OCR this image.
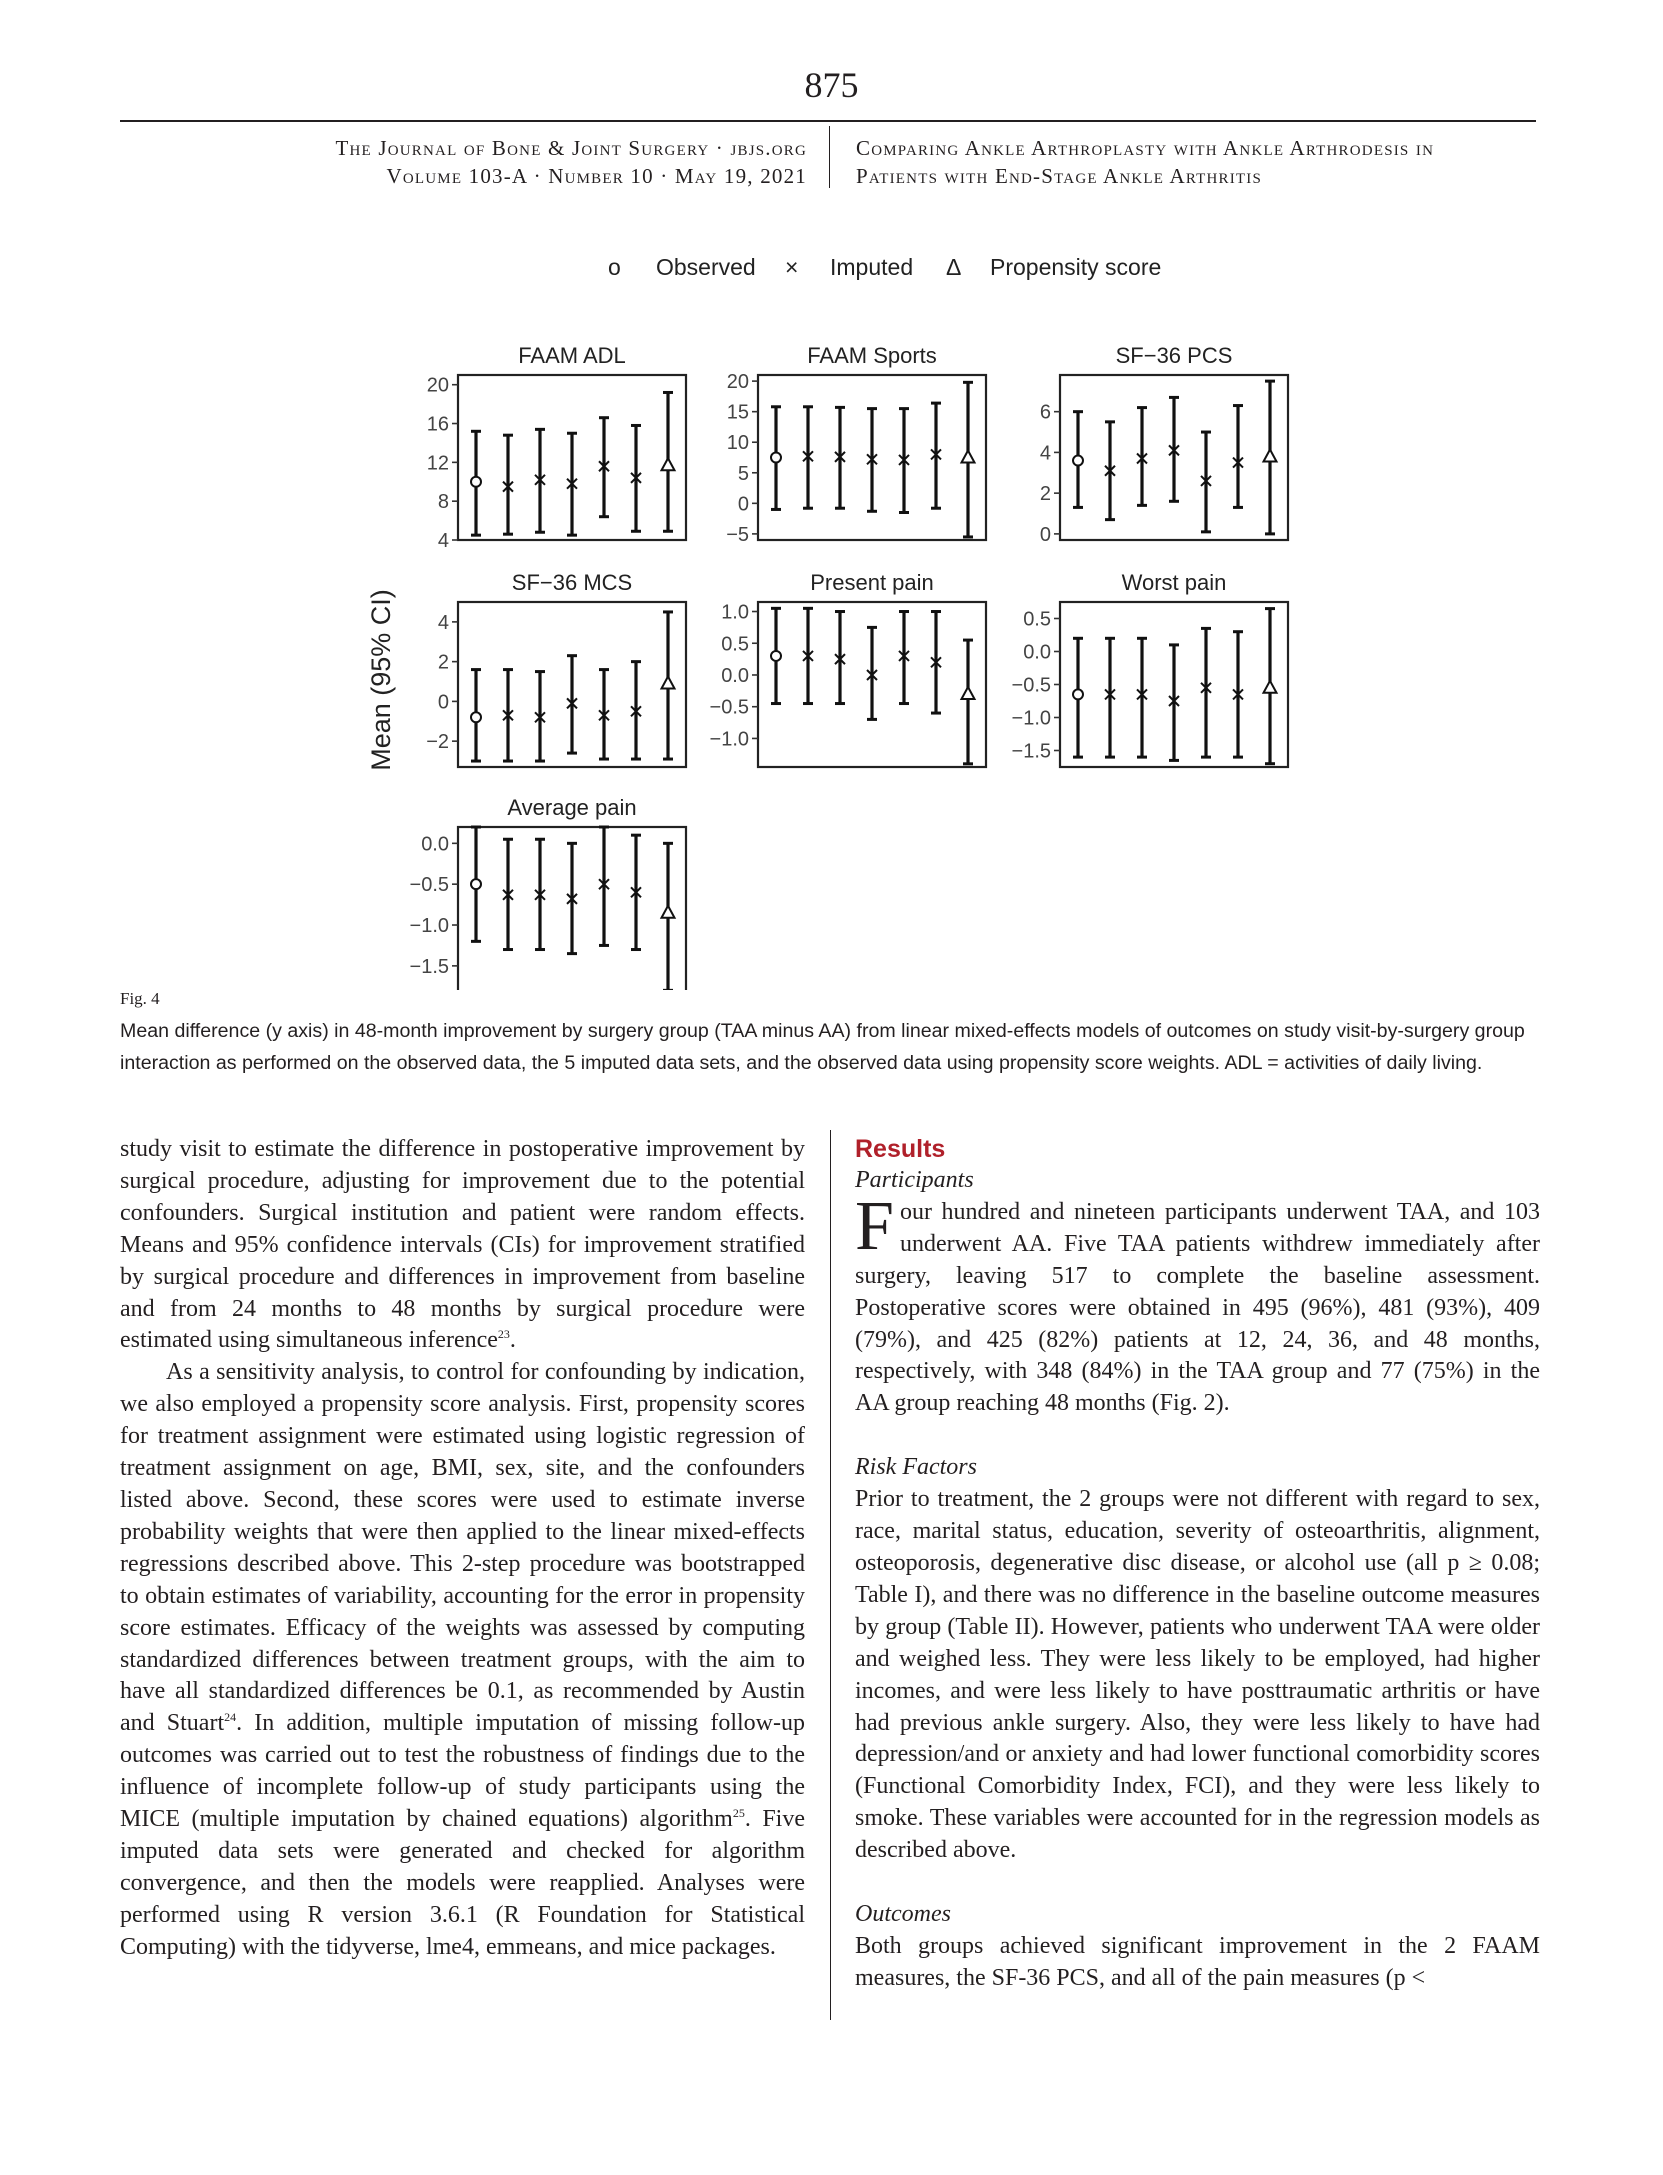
875
The Journal of Bone & Joint Surgery · jbjs.org
Volume 103-A · Number 10 · May 19, 2021
Comparing Ankle Arthroplasty with Ankle Arthrodesis in
Patients with End-Stage Ankle Arthritis
o Observed × Imputed Δ Propensity score
Mean (95% CI)
FAAM ADL
4
8
12
16
20
FAAM Sports
−5
0
5
10
15
20
SF−36 PCS
0
2
4
6
SF−36 MCS
−2
0
2
4
Present pain
−1.0
−0.5
0.0
0.5
1.0
Worst pain
−1.5
−1.0
−0.5
0.0
0.5
Average pain
−1.5
−1.0
−0.5
0.0
Fig. 4
Mean difference (y axis) in 48-month improvement by surgery group (TAA minus AA) from linear mixed-effects models of outcomes on study visit-by-surgery group interaction as performed on the observed data, the 5 imputed data sets, and the observed data using propensity score weights. ADL = activities of daily living.

study visit to estimate the difference in postoperative improvement by surgical procedure, adjusting for improvement due to the potential confounders. Surgical institution and patient were random effects. Means and 95% confidence intervals (CIs) for improvement stratified by surgical procedure and differences in improvement from baseline and from 24 months to 48 months by surgical procedure were estimated using simultaneous inference$^{23}$.

As a sensitivity analysis, to control for confounding by indication, we also employed a propensity score analysis. First, propensity scores for treatment assignment were estimated using logistic regression of treatment assignment on age, BMI, sex, site, and the confounders listed above. Second, these scores were used to estimate inverse probability weights that were then applied to the linear mixed-effects regressions described above. This 2-step procedure was bootstrapped to obtain estimates of variability, accounting for the error in propensity score estimates. Efficacy of the weights was assessed by computing standardized differences between treatment groups, with the aim to have all standardized differences be 0.1, as recommended by Austin and Stuart$^{24}$. In addition, multiple imputation of missing follow-up outcomes was carried out to test the robustness of findings due to the influence of incomplete follow-up of study participants using the MICE (multiple imputation by chained equations) algorithm$^{25}$. Five imputed data sets were generated and checked for algorithm convergence, and then the models were reapplied. Analyses were performed using R version 3.6.1 (R Foundation for Statistical Computing) with the tidyverse, lme4, emmeans, and mice packages.

Results
Participants

Four hundred and nineteen participants underwent TAA, and 103 underwent AA. Five TAA patients withdrew immediately after surgery, leaving 517 to complete the baseline assessment. Postoperative scores were obtained in 495 (96%), 481 (93%), 409 (79%), and 425 (82%) patients at 12, 24, 36, and 48 months, respectively, with 348 (84%) in the TAA group and 77 (75%) in the AA group reaching 48 months (Fig. 2).

Risk Factors

Prior to treatment, the 2 groups were not different with regard to sex, race, marital status, education, severity of osteoarthritis, alignment, osteoporosis, degenerative disc disease, or alcohol use (all p ≥ 0.08; Table I), and there was no difference in the baseline outcome measures by group (Table II). However, patients who underwent TAA were older and weighed less. They were less likely to be employed, had higher incomes, and were less likely to have posttraumatic arthritis or have had previous ankle surgery. Also, they were less likely to have had depression/and or anxiety and had lower functional comorbidity scores (Functional Comorbidity Index, FCI), and they were less likely to smoke. These variables were accounted for in the regression models as described above.

Outcomes

Both groups achieved significant improvement in the 2 FAAM measures, the SF-36 PCS, and all of the pain measures (p <
